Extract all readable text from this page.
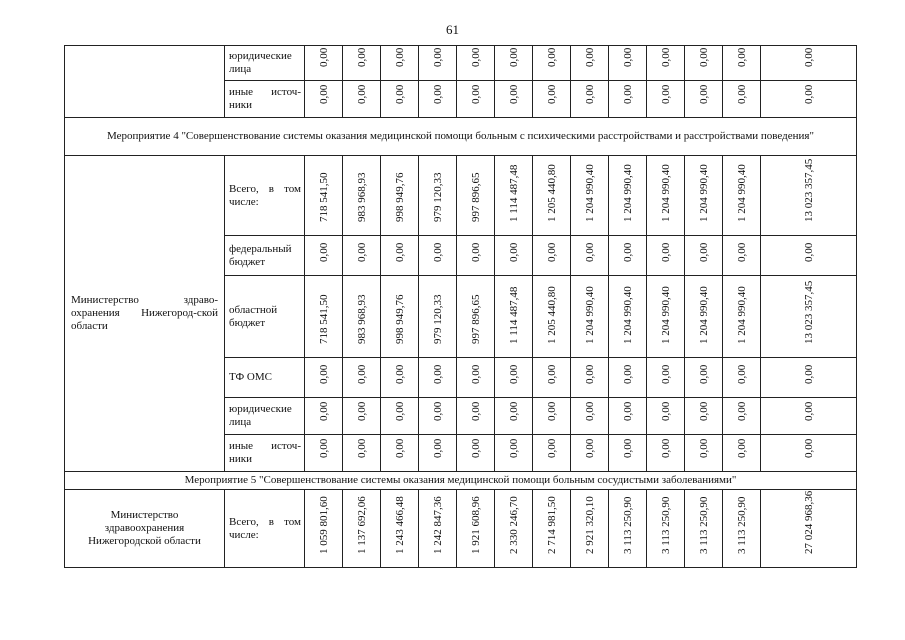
61
	юридические лица	0,00	0,00	0,00	0,00	0,00	0,00	0,00	0,00	0,00	0,00	0,00	0,00	0,00

	иные источ-ники	0,00	0,00	0,00	0,00	0,00	0,00	0,00	0,00	0,00	0,00	0,00	0,00	0,00

Мероприятие 4 "Совершенствование системы оказания медицинской помощи больным с психическими расстройствами и расстройствами поведения"														
Министерство здраво-охранения Нижегород-ской области	Всего, в том числе:	718 541,50	983 968,93	998 949,76	979 120,33	997 896,65	1 114 487,48	1 205 440,80	1 204 990,40	1 204 990,40	1 204 990,40	1 204 990,40	1 204 990,40	13 023 357,45

	федеральный бюджет	0,00	0,00	0,00	0,00	0,00	0,00	0,00	0,00	0,00	0,00	0,00	0,00	0,00

	областной бюджет	718 541,50	983 968,93	998 949,76	979 120,33	997 896,65	1 114 487,48	1 205 440,80	1 204 990,40	1 204 990,40	1 204 990,40	1 204 990,40	1 204 990,40	13 023 357,45

	ТФ ОМС	0,00	0,00	0,00	0,00	0,00	0,00	0,00	0,00	0,00	0,00	0,00	0,00	0,00

	юридические лица	0,00	0,00	0,00	0,00	0,00	0,00	0,00	0,00	0,00	0,00	0,00	0,00	0,00

	иные источ-ники	0,00	0,00	0,00	0,00	0,00	0,00	0,00	0,00	0,00	0,00	0,00	0,00	0,00

Мероприятие 5 "Совершенствование системы оказания медицинской помощи больным сосудистыми заболеваниями"														
Министерство здравоохранения Нижегородской области	Всего, в том числе:	1 059 801,60	1 137 692,06	1 243 466,48	1 242 847,36	1 921 608,96	2 330 246,70	2 714 981,50	2 921 320,10	3 113 250,90	3 113 250,90	3 113 250,90	3 113 250,90	27 024 968,36
